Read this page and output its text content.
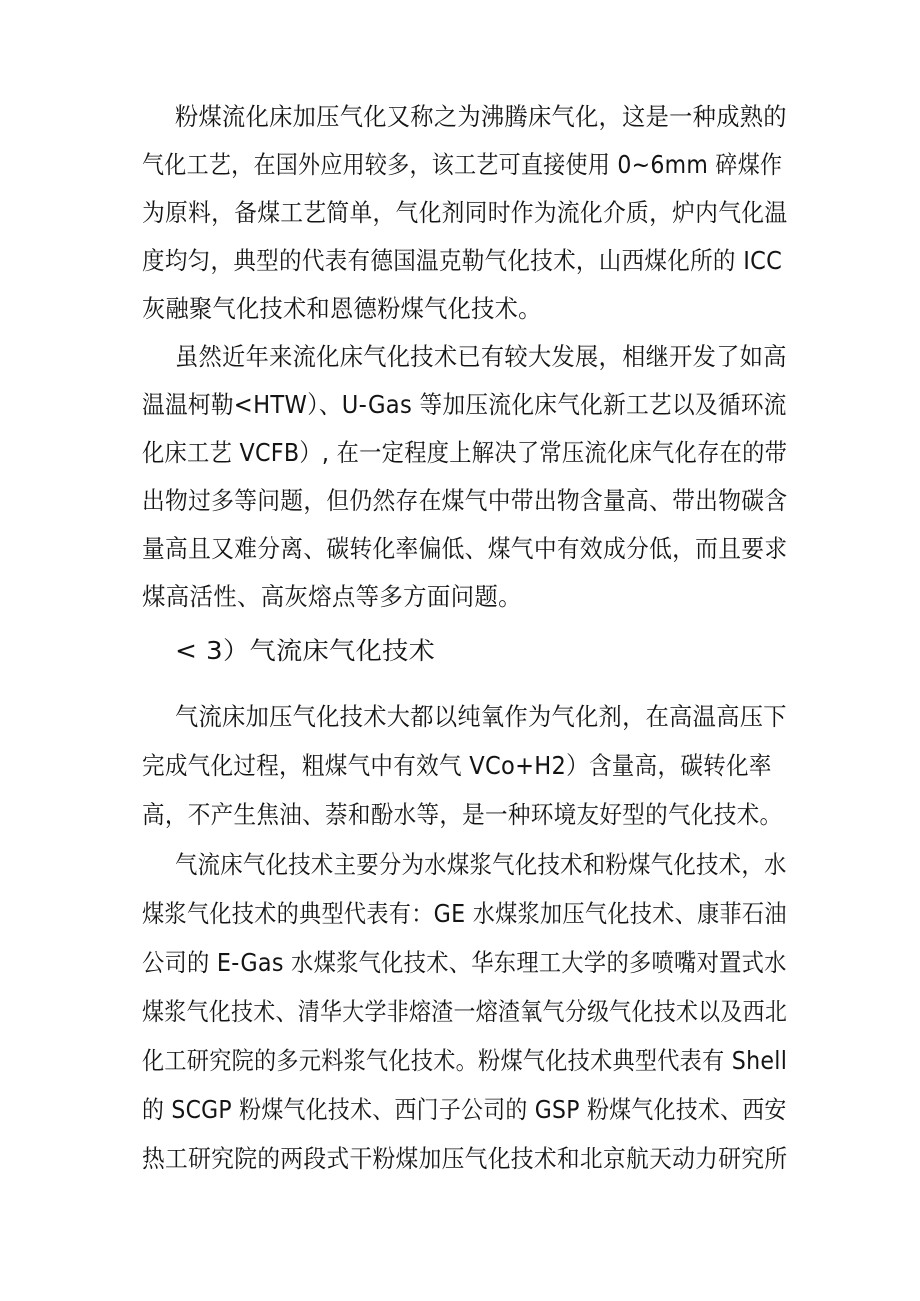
粉煤流化床加压气化又称之为沸腾床气化，这是一种成熟的
气化工艺，在国外应用较多，该工艺可直接使用 0~6mm 碎煤作
为原料，备煤工艺简单，气化剂同时作为流化介质，炉内气化温
度均匀，典型的代表有德国温克勒气化技术，山西煤化所的 ICC
灰融聚气化技术和恩德粉煤气化技术。
虽然近年来流化床气化技术已有较大发展，相继开发了如高
温温柯勒<HTW）、U-Gas 等加压流化床气化新工艺以及循环流
化床工艺 VCFB）, 在一定程度上解决了常压流化床气化存在的带
出物过多等问题，但仍然存在煤气中带出物含量高、带出物碳含
量高且又难分离、碳转化率偏低、煤气中有效成分低，而且要求
煤高活性、高灰熔点等多方面问题。
< 3）气流床气化技术
气流床加压气化技术大都以纯氧作为气化剂，在高温高压下
完成气化过程，粗煤气中有效气 VCo+H2）含量高，碳转化率
高，不产生焦油、萘和酚水等，是一种环境友好型的气化技术。
气流床气化技术主要分为水煤浆气化技术和粉煤气化技术，水
煤浆气化技术的典型代表有：GE 水煤浆加压气化技术、康菲石油
公司的 E-Gas 水煤浆气化技术、华东理工大学的多喷嘴对置式水
煤浆气化技术、清华大学非熔渣一熔渣氧气分级气化技术以及西北
化工研究院的多元料浆气化技术。粉煤气化技术典型代表有 Shell
的 SCGP 粉煤气化技术、西门子公司的 GSP 粉煤气化技术、西安
热工研究院的两段式干粉煤加压气化技术和北京航天动力研究所
